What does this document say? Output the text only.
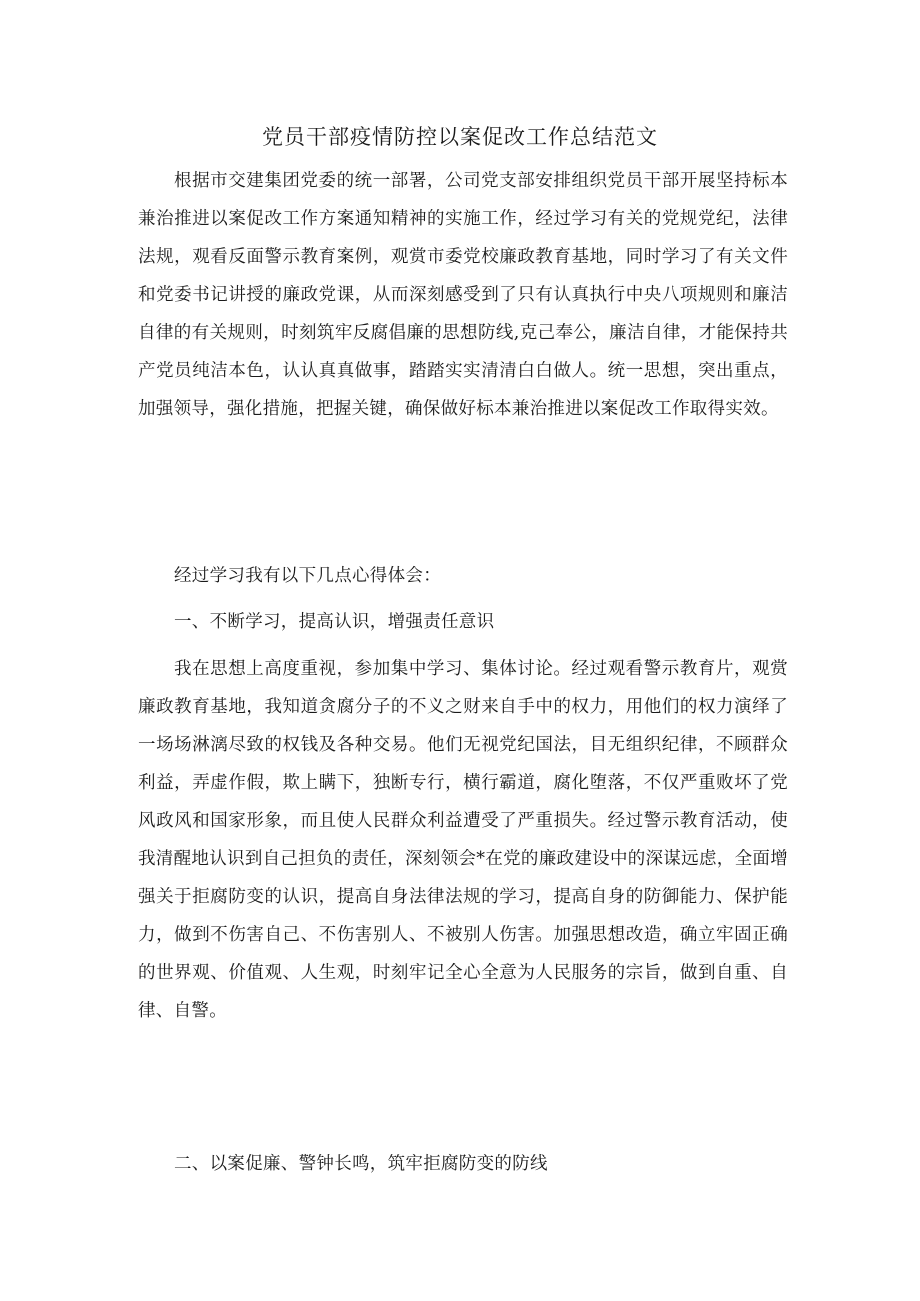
党员干部疫情防控以案促改工作总结范文

根据市交建集团党委的统一部署，公司党支部安排组织党员干部开展坚持标本兼治推进以案促改工作方案通知精神的实施工作，经过学习有关的党规党纪，法律法规，观看反面警示教育案例，观赏市委党校廉政教育基地，同时学习了有关文件和党委书记讲授的廉政党课，从而深刻感受到了只有认真执行中央八项规则和廉洁自律的有关规则，时刻筑牢反腐倡廉的思想防线,克己奉公，廉洁自律，才能保持共产党员纯洁本色，认认真真做事，踏踏实实清清白白做人。统一思想，突出重点，加强领导，强化措施，把握关键，确保做好标本兼治推进以案促改工作取得实效。

经过学习我有以下几点心得体会：

一、不断学习，提高认识，增强责任意识

我在思想上高度重视，参加集中学习、集体讨论。经过观看警示教育片，观赏廉政教育基地，我知道贪腐分子的不义之财来自手中的权力，用他们的权力演绎了一场场淋漓尽致的权钱及各种交易。他们无视党纪国法，目无组织纪律，不顾群众利益，弄虚作假，欺上瞒下，独断专行，横行霸道，腐化堕落，不仅严重败坏了党风政风和国家形象，而且使人民群众利益遭受了严重损失。经过警示教育活动，使我清醒地认识到自己担负的责任，深刻领会*在党的廉政建设中的深谋远虑，全面增强关于拒腐防变的认识，提高自身法律法规的学习，提高自身的防御能力、保护能力，做到不伤害自己、不伤害别人、不被别人伤害。加强思想改造，确立牢固正确的世界观、价值观、人生观，时刻牢记全心全意为人民服务的宗旨，做到自重、自律、自警。

二、以案促廉、警钟长鸣，筑牢拒腐防变的防线
